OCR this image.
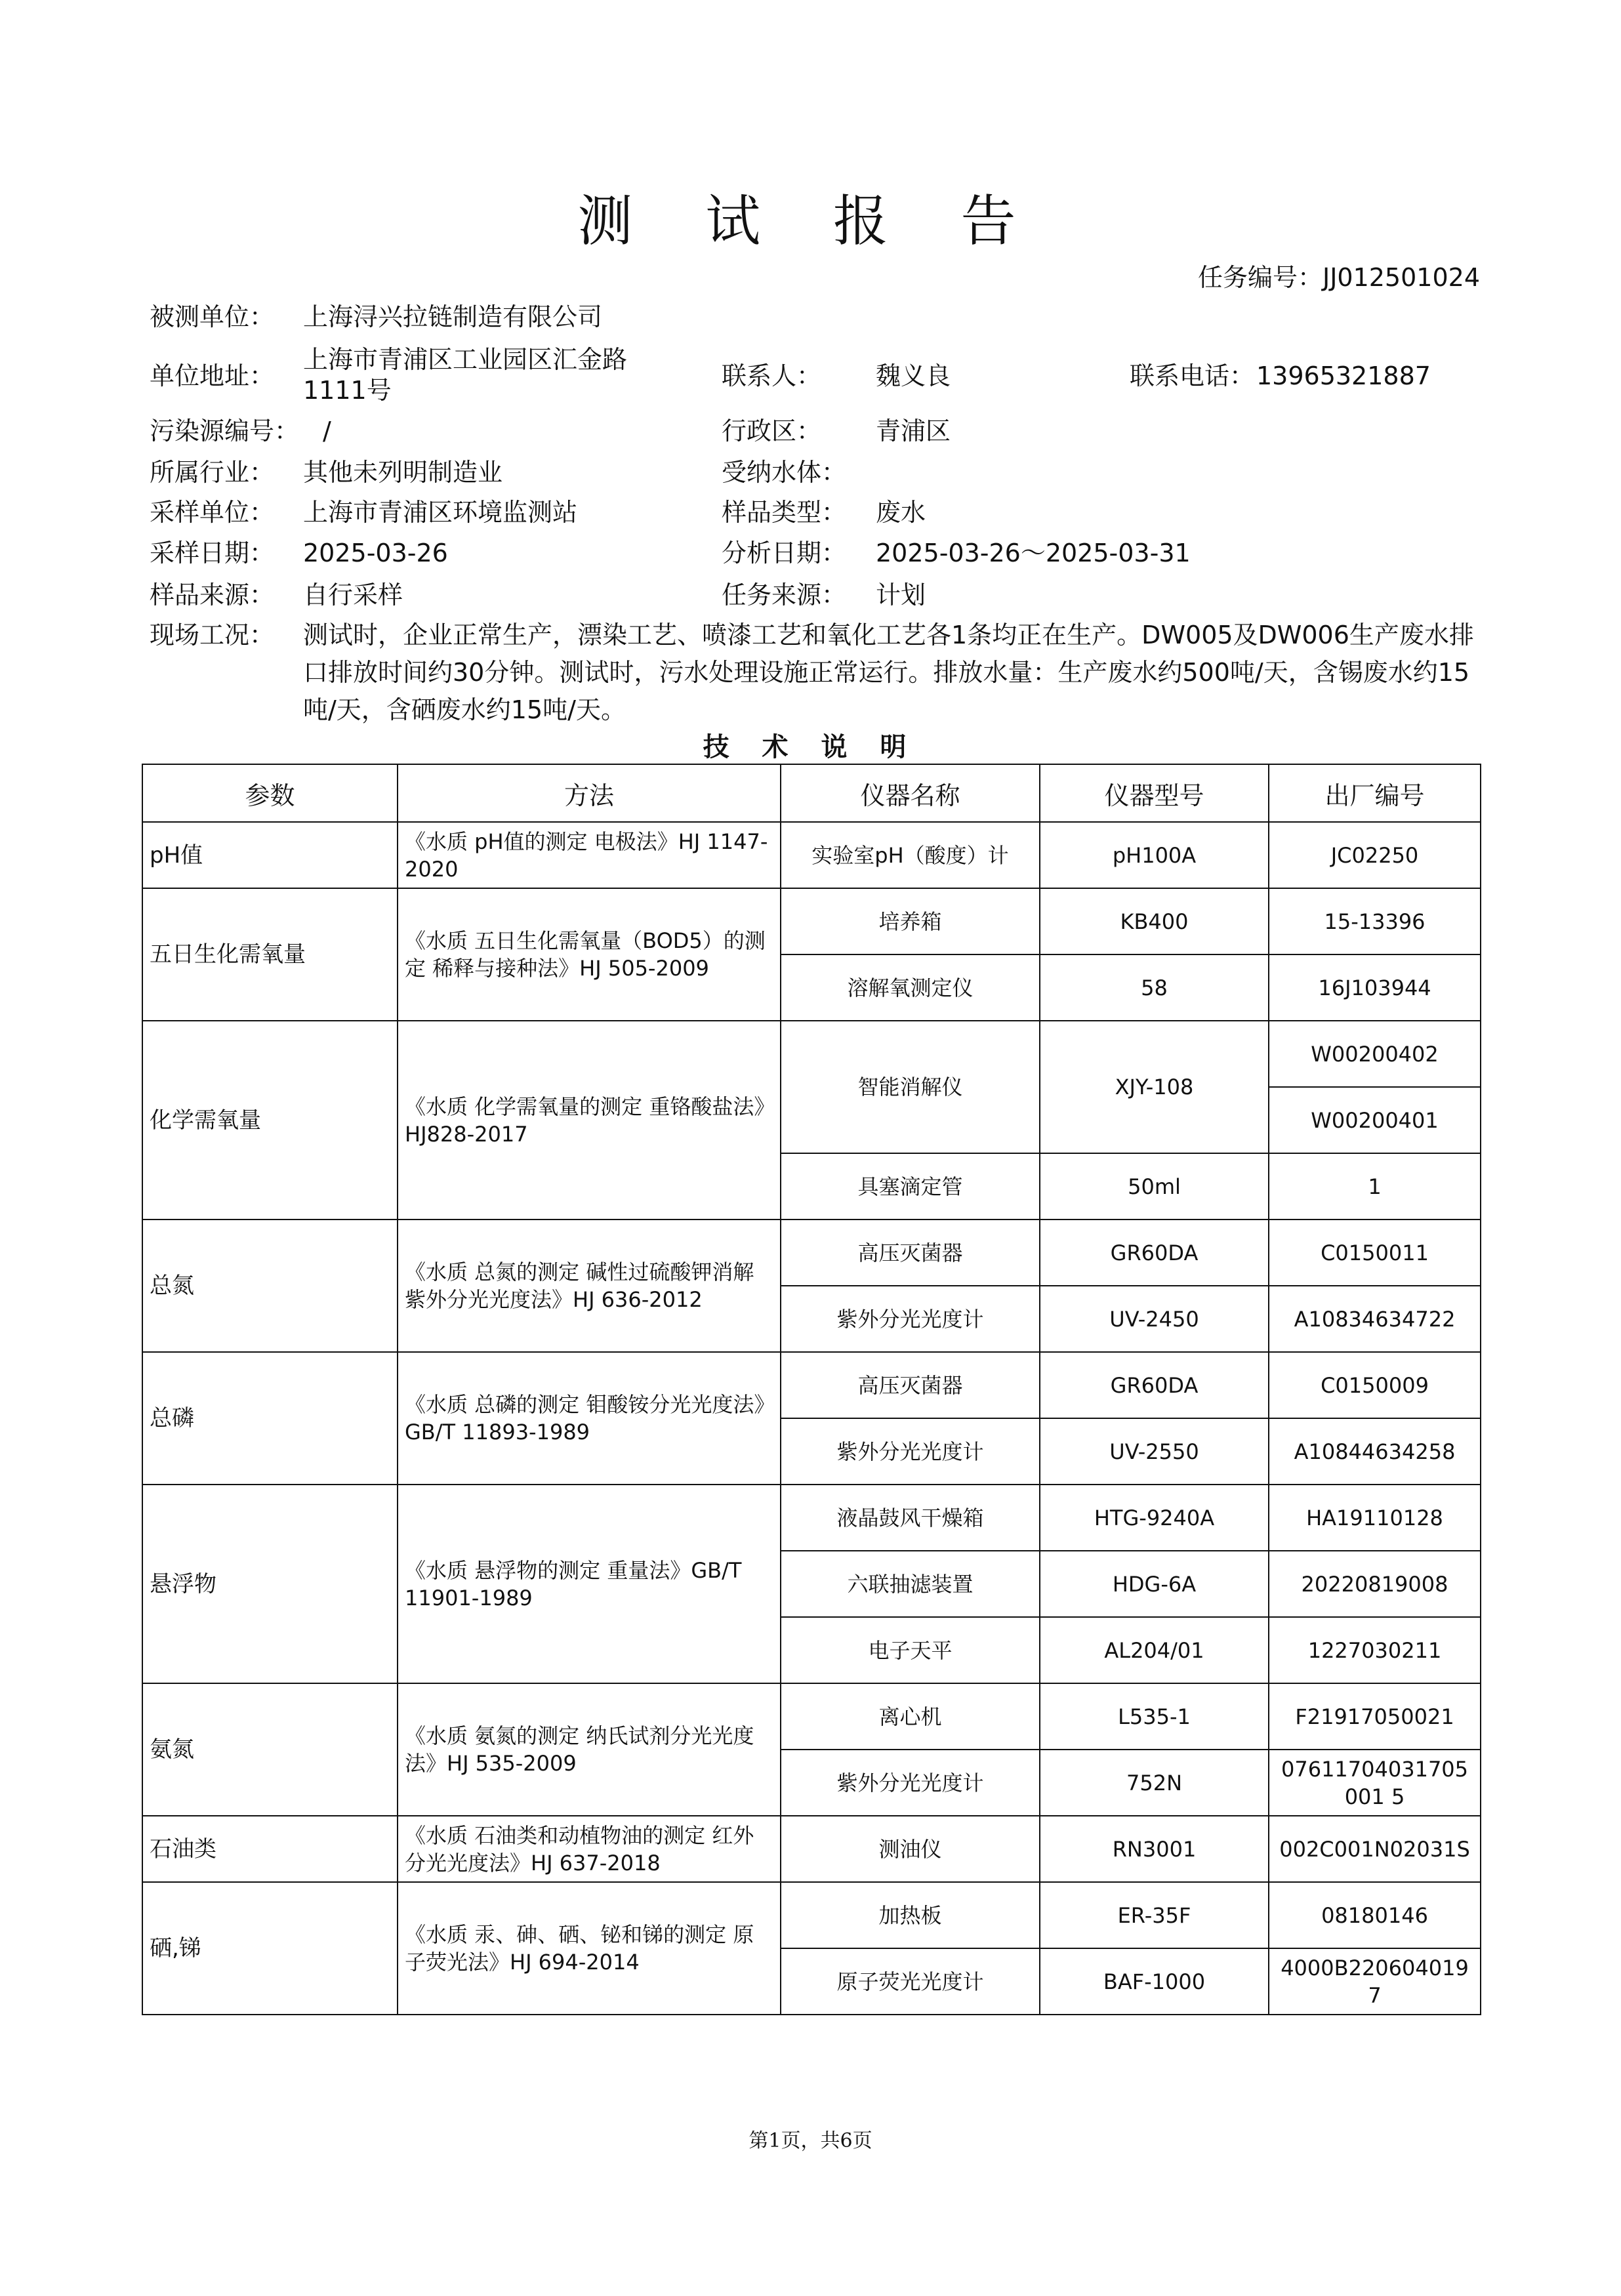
测 试 报 告
任务编号：JJ012501024
被测单位： 上海浔兴拉链制造有限公司
单位地址：
上海市青浦区工业园区汇金路
1111号	联系人： 魏义良	联系电话： 13965321887
污染源编号： /	行政区： 青浦区
所属行业： 其他未列明制造业	受纳水体：
采样单位： 上海市青浦区环境监测站	样品类型： 废水
采样日期： 2025-03-26	分析日期： 2025-03-26～2025-03-31
样品来源： 自行采样	任务来源： 计划
现场工况： 测试时，企业正常生产，漂染工艺、喷漆工艺和氧化工艺各1条均正在生产。DW005及DW006生产废水排口排放时间约30分钟。测试时，污水处理设施正常运行。排放水量：生产废水约500吨/天，含锡废水约15吨/天，含硒废水约15吨/天。
技 术 说 明
参数	方法	仪器名称	仪器型号	出厂编号
pH值	《水质 pH值的测定 电极法》HJ 1147-2020	实验室pH（酸度）计	pH100A	JC02250
五日生化需氧量	《水质 五日生化需氧量（BOD5）的测定 稀释与接种法》HJ 505-2009	培养箱	KB400	15-13396
		溶解氧测定仪	58	16J103944
化学需氧量	《水质 化学需氧量的测定 重铬酸盐法》HJ828-2017	智能消解仪	XJY-108	W00200402
				W00200401
		具塞滴定管	50ml	1
总氮	《水质 总氮的测定 碱性过硫酸钾消解紫外分光光度法》HJ 636-2012	高压灭菌器	GR60DA	C0150011
		紫外分光光度计	UV-2450	A10834634722
总磷	《水质 总磷的测定 钼酸铵分光光度法》GB/T 11893-1989	高压灭菌器	GR60DA	C0150009
		紫外分光光度计	UV-2550	A10844634258
悬浮物	《水质 悬浮物的测定 重量法》GB/T 11901-1989	液晶鼓风干燥箱	HTG-9240A	HA19110128
		六联抽滤装置	HDG-6A	20220819008
		电子天平	AL204/01	1227030211
氨氮	《水质 氨氮的测定 纳氏试剂分光光度法》HJ 535-2009	离心机	L535-1	F21917050021
		紫外分光光度计	752N	07611704031705001 5
石油类	《水质 石油类和动植物油的测定 红外分光光度法》HJ 637-2018	测油仪	RN3001	002C001N02031S
硒,锑	《水质 汞、砷、硒、铋和锑的测定 原子荧光法》HJ 694-2014	加热板	ER-35F	08180146
		原子荧光光度计	BAF-1000	4000B2206040197
第1页，共6页
